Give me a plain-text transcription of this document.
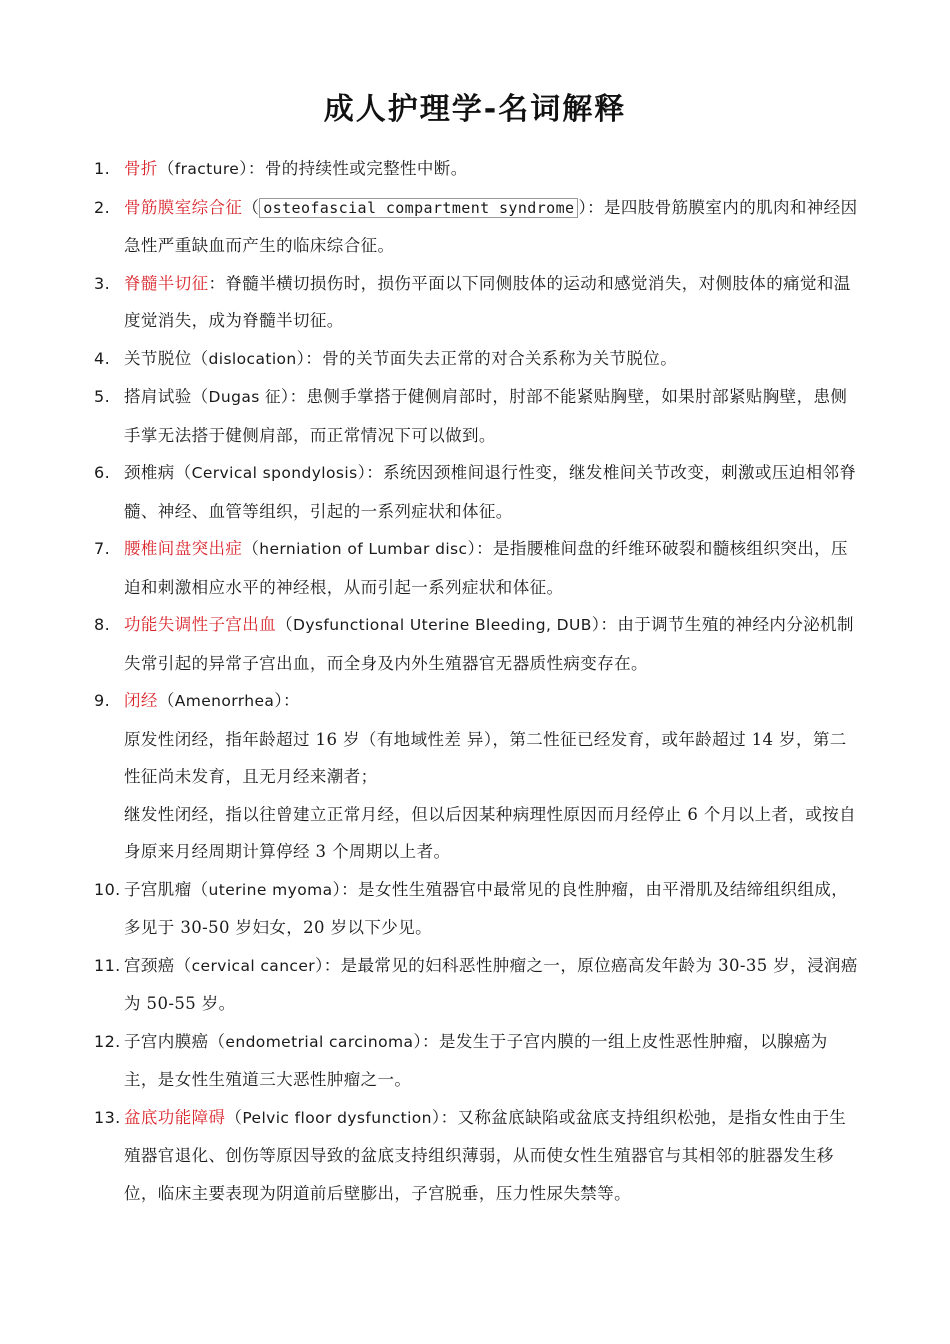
成人护理学-名词解释
1. 骨折（fracture）：骨的持续性或完整性中断。
2. 骨筋膜室综合征（ osteofascial compartment syndrome ）：是四肢骨筋膜室内的肌肉和神经因急性严重缺血而产生的临床综合征。
3. 脊髓半切征：脊髓半横切损伤时，损伤平面以下同侧肢体的运动和感觉消失，对侧肢体的痛觉和温度觉消失，成为脊髓半切征。
4. 关节脱位（dislocation）：骨的关节面失去正常的对合关系称为关节脱位。
5. 搭肩试验（Dugas 征）：患侧手掌搭于健侧肩部时，肘部不能紧贴胸壁，如果肘部紧贴胸壁，患侧手掌无法搭于健侧肩部，而正常情况下可以做到。
6. 颈椎病（Cervical spondylosis）：系统因颈椎间退行性变，继发椎间关节改变，刺激或压迫相邻脊髓、神经、血管等组织，引起的一系列症状和体征。
7. 腰椎间盘突出症（herniation of Lumbar disc）：是指腰椎间盘的纤维环破裂和髓核组织突出，压迫和刺激相应水平的神经根，从而引起一系列症状和体征。
8. 功能失调性子宫出血（Dysfunctional Uterine Bleeding, DUB）：由于调节生殖的神经内分泌机制失常引起的异常子宫出血，而全身及内外生殖器官无器质性病变存在。
9. 闭经（Amenorrhea）：
原发性闭经，指年龄超过 16 岁（有地域性差 异），第二性征已经发育，或年龄超过 14 岁，第二性征尚未发育，且无月经来潮者；
继发性闭经，指以往曾建立正常月经，但以后因某种病理性原因而月经停止 6 个月以上者，或按自身原来月经周期计算停经 3 个周期以上者。
10. 子宫肌瘤（uterine myoma）：是女性生殖器官中最常见的良性肿瘤，由平滑肌及结缔组织组成，多见于 30-50 岁妇女，20 岁以下少见。
11. 宫颈癌（cervical cancer）：是最常见的妇科恶性肿瘤之一，原位癌高发年龄为 30-35 岁，浸润癌为 50-55 岁。
12. 子宫内膜癌（endometrial carcinoma）：是发生于子宫内膜的一组上皮性恶性肿瘤，以腺癌为主，是女性生殖道三大恶性肿瘤之一。
13. 盆底功能障碍（Pelvic floor dysfunction）：又称盆底缺陷或盆底支持组织松弛，是指女性由于生殖器官退化、创伤等原因导致的盆底支持组织薄弱，从而使女性生殖器官与其相邻的脏器发生移位，临床主要表现为阴道前后壁膨出，子宫脱垂，压力性尿失禁等。
